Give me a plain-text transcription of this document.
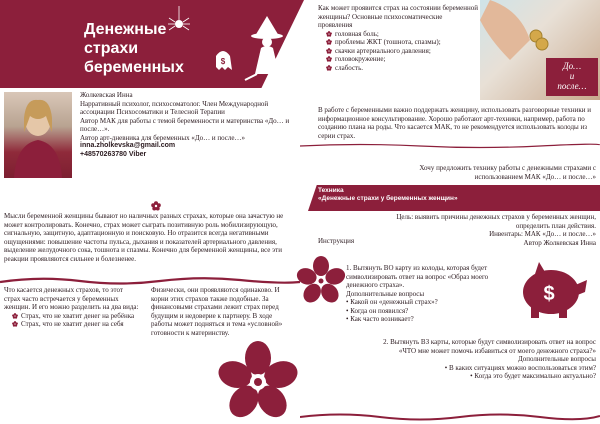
Денежные
страхи
беременных	$

Жолкевская Инна

Нарративный психолог, психосоматолог. Член Международной ассоциации Психосоматики и Телесной Терапии

Автор МАК для работы с темой беременности и материнства «До… и после…».

Автор арт-дневника для беременных «До… и после…»

inna.zholkevska@gmail.com

+48570263780 Viber

Мысли беременной женщины бывают но наличных разных страхах, которые она зачастую не может контролировать. Конечно, страх может сыграть позитивную роль мобилизирующую, сигнальную, защитную, адаптационную и поисковую. Но отразится всегда негативными ощущениями: повышение частоты пульса, дыхания и показателей артериального давления, выделение желудочного сока, тошнота и спазмы. Конечно для беременной женщины, все эти реакции проявляются сильнее и болезненее.

Что касается денежных страхов, то этот страх часто встречается у беременных женщин. И его можно разделить на два вида:

Страх, что не хватит денег на ребёнка
Страх, что не хватит денег на себя
Физически, они проявляются одинаково. И корни этих страхов также подобные. За финансовыми страхами лежит страх перед будущим и недоверие к партнеру. В ходе работы может подняться и тема «условной» готовности к материнству.

Как может проявится страх на состоянии беременной женщины? Основные психосоматические проявления

головная боль;
проблемы ЖКТ (тошнота, спазмы);
скачки артериального давления;
головокружение;
слабость.	До…
и
после…
В работе с беременными важно поддержать женщину, использовать разговорные техники и информационное консультирование. Хорошо работают арт-техники, например, работа по созданию плана на роды. Что касается МАК, то не рекомендуется использовать колоды из серии страх.
Хочу предложить технику работы с денежными страхами с использованием МАК «До… и после…»
Техника
«Денежные страхи у беременных женщин»

Цель: выявить причины денежных страхов у беременных женщин, определить план действия.

Инвентарь: МАК «До… и после…»

Автор Жолкевская Инна

Инструкция

1. Вытянуть ВО карту из колоды, которая будет символизировать ответ на вопрос «Образ моего денежного страха».

Дополнительные вопросы

• Какой он «денежный страх»?

• Когда он появился?

• Как часто возникает?

$

2. Вытянуть ВЗ карты, которые будут символизировать ответ на вопрос «ЧТО мне может помочь избавиться от моего денежного страха?» Дополнительные вопросы

• В каких ситуациях можно воспользоваться этим?

• Когда это будет максимально актуально?
